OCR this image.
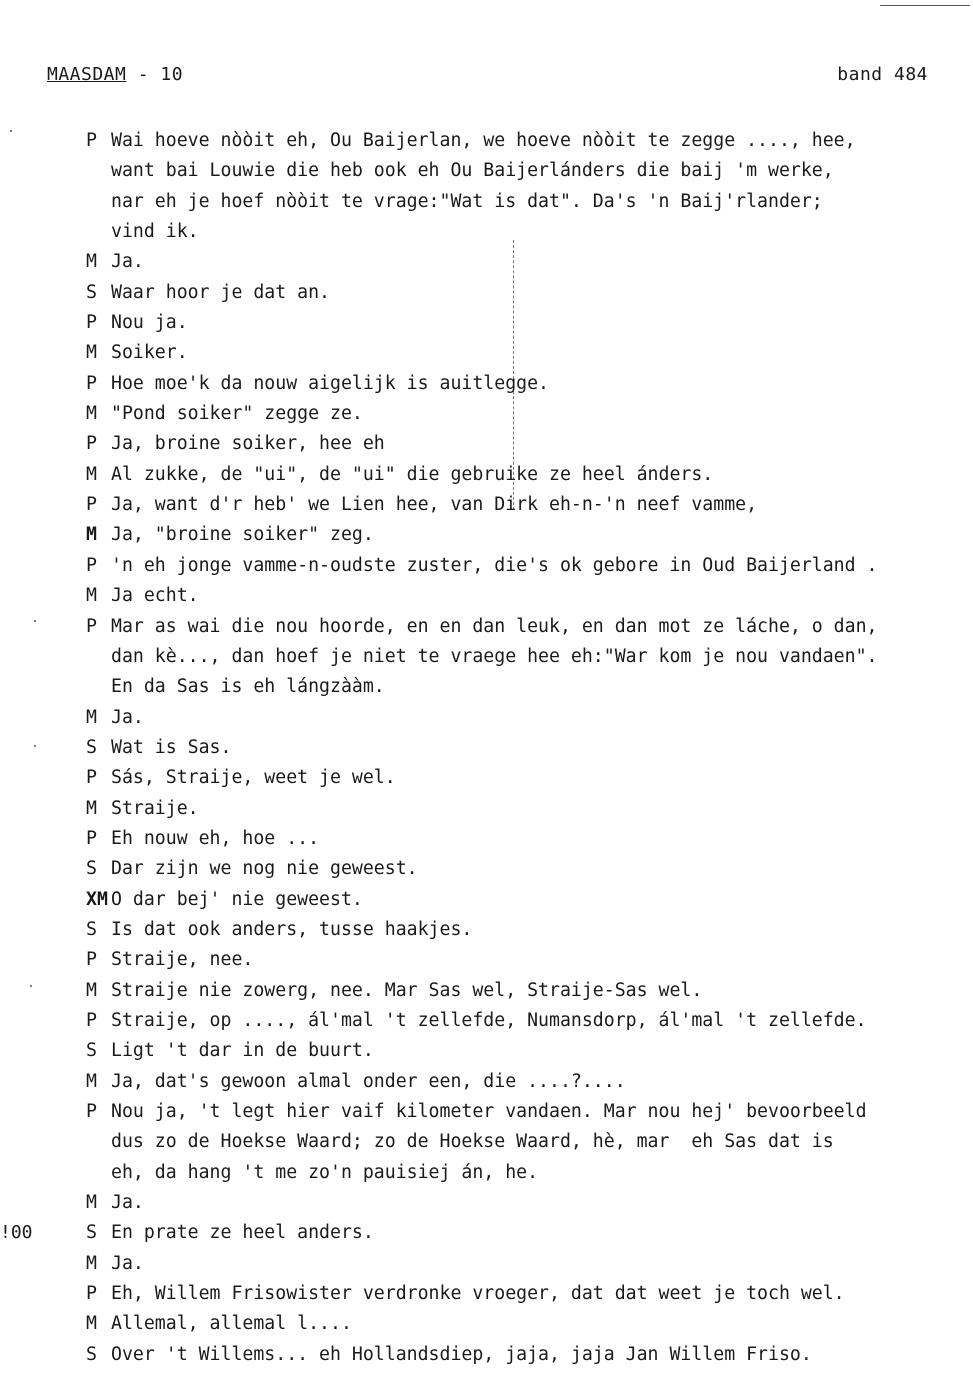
MAASDAM - 10	band 484
!00
P Wai hoeve nòòit eh, Ou Baijerlan, we hoeve nòòit te zegge ...., hee,
want bai Louwie die heb ook eh Ou Baijerlánders die baij 'm werke,
nar eh je hoef nòòit te vrage:"Wat is dat". Da's 'n Baij'rlander;
vind ik.
M Ja.
S Waar hoor je dat an.
P Nou ja.
M Soiker.
P Hoe moe'k da nouw aigelijk is auitlegge.
M "Pond soiker" zegge ze.
P Ja, broine soiker, hee eh
M Al zukke, de "ui", de "ui" die gebruike ze heel ánders.
P Ja, want d'r heb' we Lien hee, van Dirk eh-n-'n neef vamme,
M Ja, "broine soiker" zeg.
P 'n eh jonge vamme-n-oudste zuster, die's ok gebore in Oud Baijerland .
M Ja echt.
P Mar as wai die nou hoorde, en en dan leuk, en dan mot ze láche, o dan,
dan kè..., dan hoef je niet te vraege hee eh:"War kom je nou vandaen".
En da Sas is eh lángzààm.
M Ja.
S Wat is Sas.
P Sás, Straije, weet je wel.
M Straije.
P Eh nouw eh, hoe ...
S Dar zijn we nog nie geweest.
XM O dar bej' nie geweest.
S Is dat ook anders, tusse haakjes.
P Straije, nee.
M Straije nie zowerg, nee. Mar Sas wel, Straije-Sas wel.
P Straije, op ...., ál'mal 't zellefde, Numansdorp, ál'mal 't zellefde.
S Ligt 't dar in de buurt.
M Ja, dat's gewoon almal onder een, die ....?....
P Nou ja, 't legt hier vaif kilometer vandaen. Mar nou hej' bevoorbeeld
dus zo de Hoekse Waard; zo de Hoekse Waard, hè, mar  eh Sas dat is
eh, da hang 't me zo'n pauisiej án, he.
M Ja.
S En prate ze heel anders.
M Ja.
P Eh, Willem Frisowister verdronke vroeger, dat dat weet je toch wel.
M Allemal, allemal l....
S Over 't Willems... eh Hollandsdiep, jaja, jaja Jan Willem Friso.
